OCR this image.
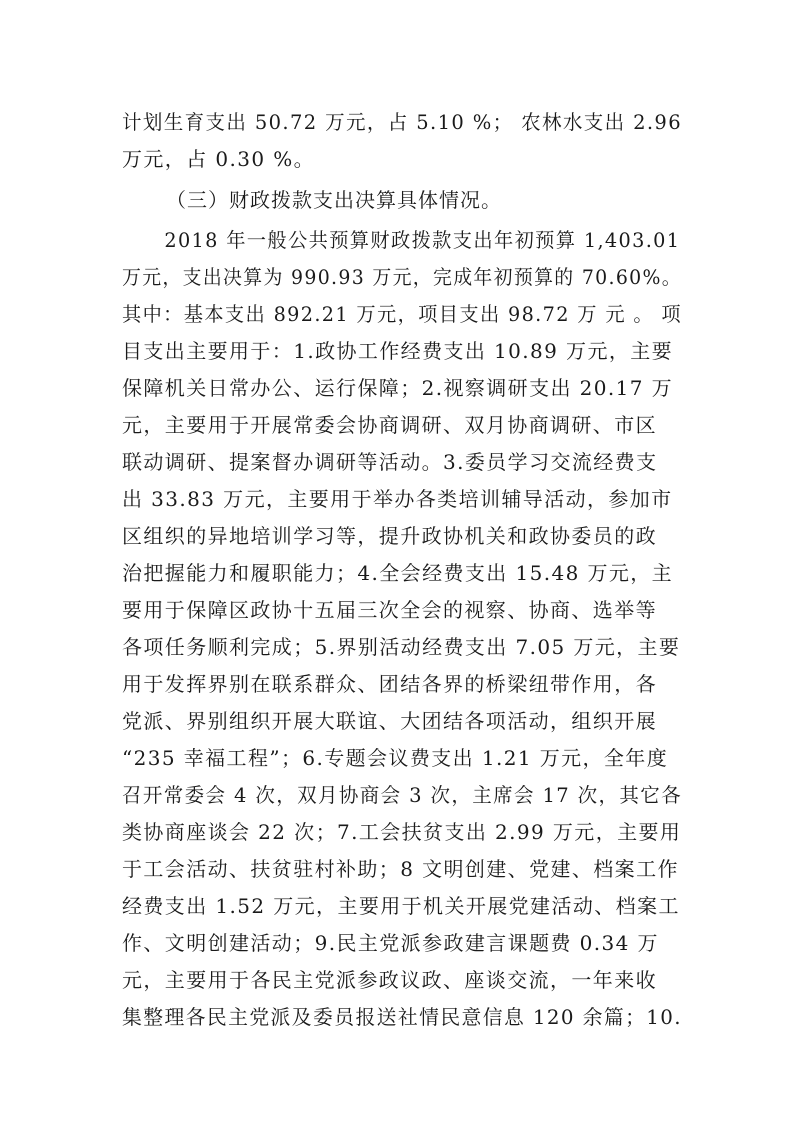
计划生育支出 50.72 万元，占 5.10 %； 农林水支出 2.96
万元，占 0.30 %。
（三）财政拨款支出决算具体情况。
2018 年一般公共预算财政拨款支出年初预算 1,403.01
万元，支出决算为 990.93 万元，完成年初预算的 70.60%。
其中：基本支出 892.21 万元，项目支出 98.72 万 元 。 项
目支出主要用于：1.政协工作经费支出 10.89 万元，主要
保障机关日常办公、运行保障；2.视察调研支出 20.17 万
元，主要用于开展常委会协商调研、双月协商调研、市区
联动调研、提案督办调研等活动。3.委员学习交流经费支
出 33.83 万元，主要用于举办各类培训辅导活动，参加市
区组织的异地培训学习等，提升政协机关和政协委员的政
治把握能力和履职能力；4.全会经费支出 15.48 万元，主
要用于保障区政协十五届三次全会的视察、协商、选举等
各项任务顺利完成；5.界别活动经费支出 7.05 万元，主要
用于发挥界别在联系群众、团结各界的桥梁纽带作用，各
党派、界别组织开展大联谊、大团结各项活动，组织开展
“235 幸福工程”；6.专题会议费支出 1.21 万元，全年度
召开常委会 4 次，双月协商会 3 次，主席会 17 次，其它各
类协商座谈会 22 次；7.工会扶贫支出 2.99 万元，主要用
于工会活动、扶贫驻村补助；8 文明创建、党建、档案工作
经费支出 1.52 万元，主要用于机关开展党建活动、档案工
作、文明创建活动；9.民主党派参政建言课题费 0.34 万
元，主要用于各民主党派参政议政、座谈交流，一年来收
集整理各民主党派及委员报送社情民意信息 120 余篇；10.
